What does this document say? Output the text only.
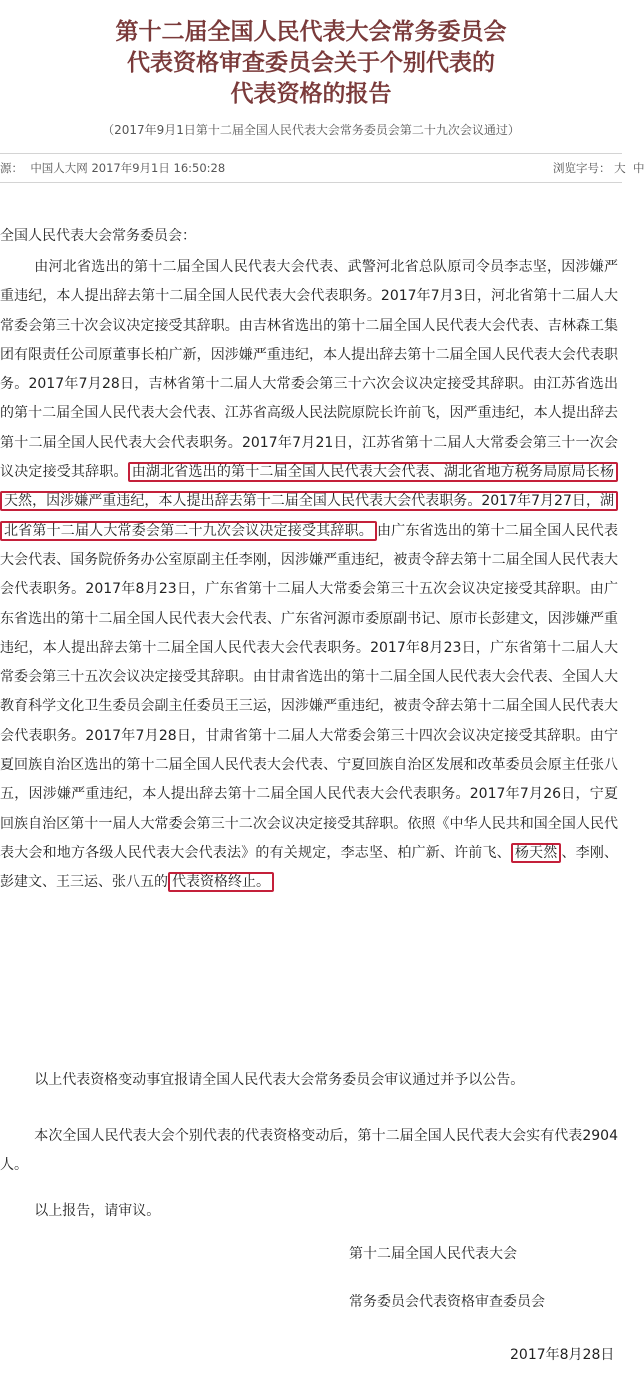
第十二届全国人民代表大会常务委员会
代表资格审查委员会关于个别代表的
代表资格的报告
（2017年9月1日第十二届全国人民代表大会常务委员会第二十九次会议通过）
源： 中国人大网 2017年9月1日 16:50:28	浏览字号： 大 中

全国人民代表大会常务委员会：

由河北省选出的第十二届全国人民代表大会代表、武警河北省总队原司令员李志坚，因涉嫌严重违纪，本人提出辞去第十二届全国人民代表大会代表职务。2017年7月3日，河北省第十二届人大常委会第三十次会议决定接受其辞职。由吉林省选出的第十二届全国人民代表大会代表、吉林森工集团有限责任公司原董事长柏广新，因涉嫌严重违纪，本人提出辞去第十二届全国人民代表大会代表职务。2017年7月28日，吉林省第十二届人大常委会第三十六次会议决定接受其辞职。由江苏省选出的第十二届全国人民代表大会代表、江苏省高级人民法院原院长许前飞，因严重违纪，本人提出辞去第十二届全国人民代表大会代表职务。2017年7月21日，江苏省第十二届人大常委会第三十一次会议决定接受其辞职。 由湖北省选出的第十二届全国人民代表大会代表、湖北省地方税务局原局长杨天然，因涉嫌严重违纪，本人提出辞去第十二届全国人民代表大会代表职务。2017年7月27日，湖北省第十二届人大常委会第二十九次会议决定接受其辞职。 由广东省选出的第十二届全国人民代表大会代表、国务院侨务办公室原副主任李刚，因涉嫌严重违纪，被责令辞去第十二届全国人民代表大会代表职务。2017年8月23日，广东省第十二届人大常委会第三十五次会议决定接受其辞职。由广东省选出的第十二届全国人民代表大会代表、广东省河源市委原副书记、原市长彭建文，因涉嫌严重违纪，本人提出辞去第十二届全国人民代表大会代表职务。2017年8月23日，广东省第十二届人大常委会第三十五次会议决定接受其辞职。由甘肃省选出的第十二届全国人民代表大会代表、全国人大教育科学文化卫生委员会副主任委员王三运，因涉嫌严重违纪，被责令辞去第十二届全国人民代表大会代表职务。2017年7月28日，甘肃省第十二届人大常委会第三十四次会议决定接受其辞职。由宁夏回族自治区选出的第十二届全国人民代表大会代表、宁夏回族自治区发展和改革委员会原主任张八五，因涉嫌严重违纪，本人提出辞去第十二届全国人民代表大会代表职务。2017年7月26日，宁夏回族自治区第十一届人大常委会第三十二次会议决定接受其辞职。依照《中华人民共和国全国人民代表大会和地方各级人民代表大会代表法》的有关规定，李志坚、柏广新、许前飞、 杨天然 、李刚、彭建文、王三运、张八五的 代表资格终止。

以上代表资格变动事宜报请全国人民代表大会常务委员会审议通过并予以公告。

本次全国人民代表大会个别代表的代表资格变动后，第十二届全国人民代表大会实有代表2904人。

以上报告，请审议。

第十二届全国人民代表大会
常务委员会代表资格审查委员会
2017年8月28日
